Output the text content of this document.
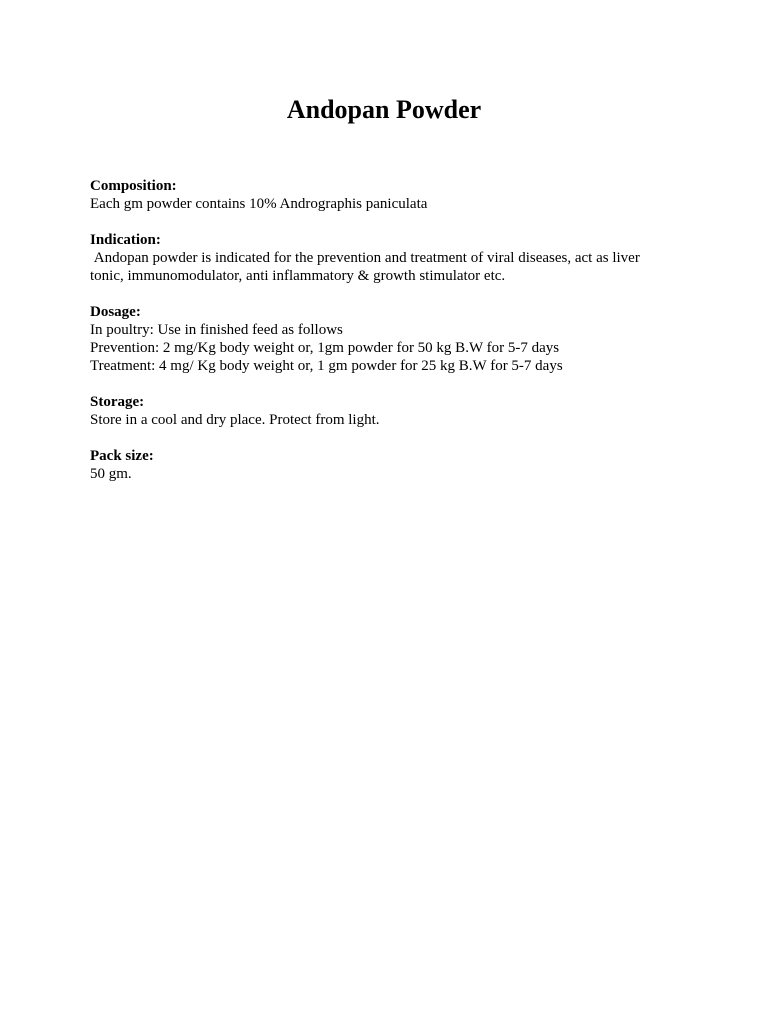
Andopan Powder

Composition:

Each gm powder contains 10% Andrographis paniculata

Indication:

Andopan powder is indicated for the prevention and treatment of viral diseases, act as liver

tonic, immunomodulator, anti inflammatory & growth stimulator etc.

Dosage:

In poultry: Use in finished feed as follows

Prevention: 2 mg/Kg body weight or, 1gm powder for 50 kg B.W for 5-7 days

Treatment: 4 mg/ Kg body weight or, 1 gm powder for 25 kg B.W for 5-7 days

Storage:

Store in a cool and dry place. Protect from light.

Pack size:

50 gm.
